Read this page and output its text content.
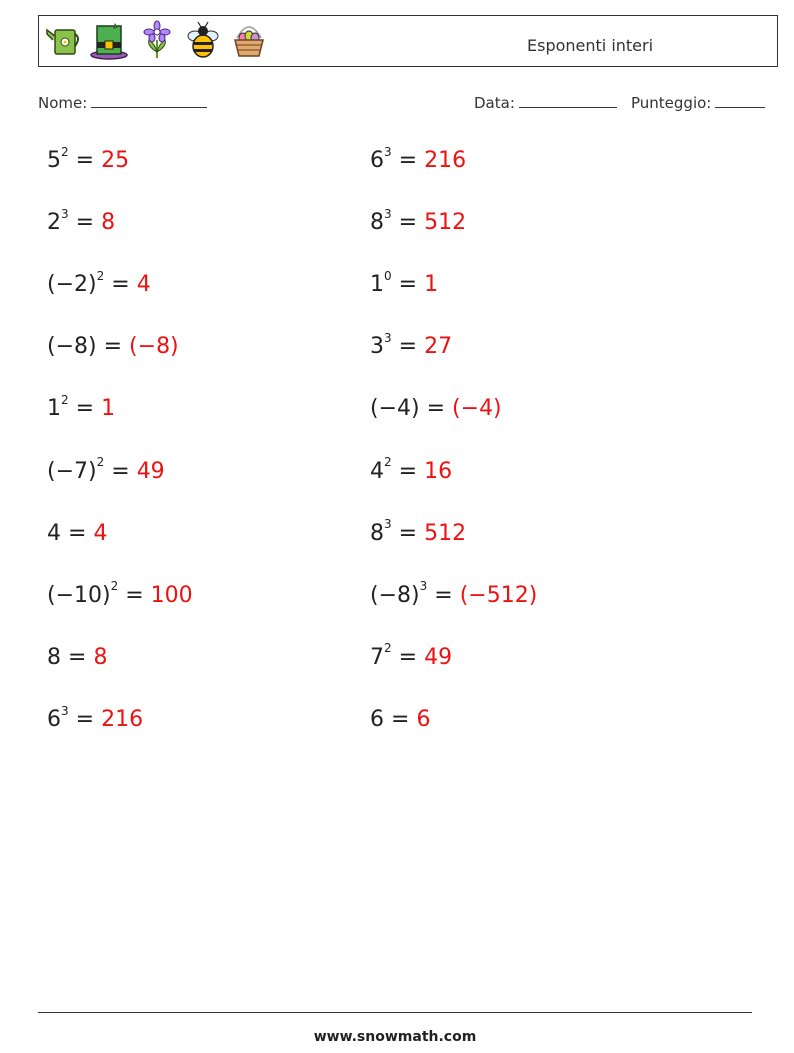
Esponenti interi
Nome:	Data:	Punteggio:
$5^2 = 25$
$2^3 = 8$
$(-2)^2 = 4$
(−8) = (−8)
$1^2 = 1$
$(-7)^2 = 49$
4 = 4
$(-10)^2 = 100$
8 = 8
$6^3 = 216$
$6^3 = 216$
$8^3 = 512$
$1^0 = 1$
$3^3 = 27$
(−4) = (−4)
$4^2 = 16$
$8^3 = 512$
$(-8)^3 = (-512)$
$7^2 = 49$
6 = 6
www.snowmath.com
